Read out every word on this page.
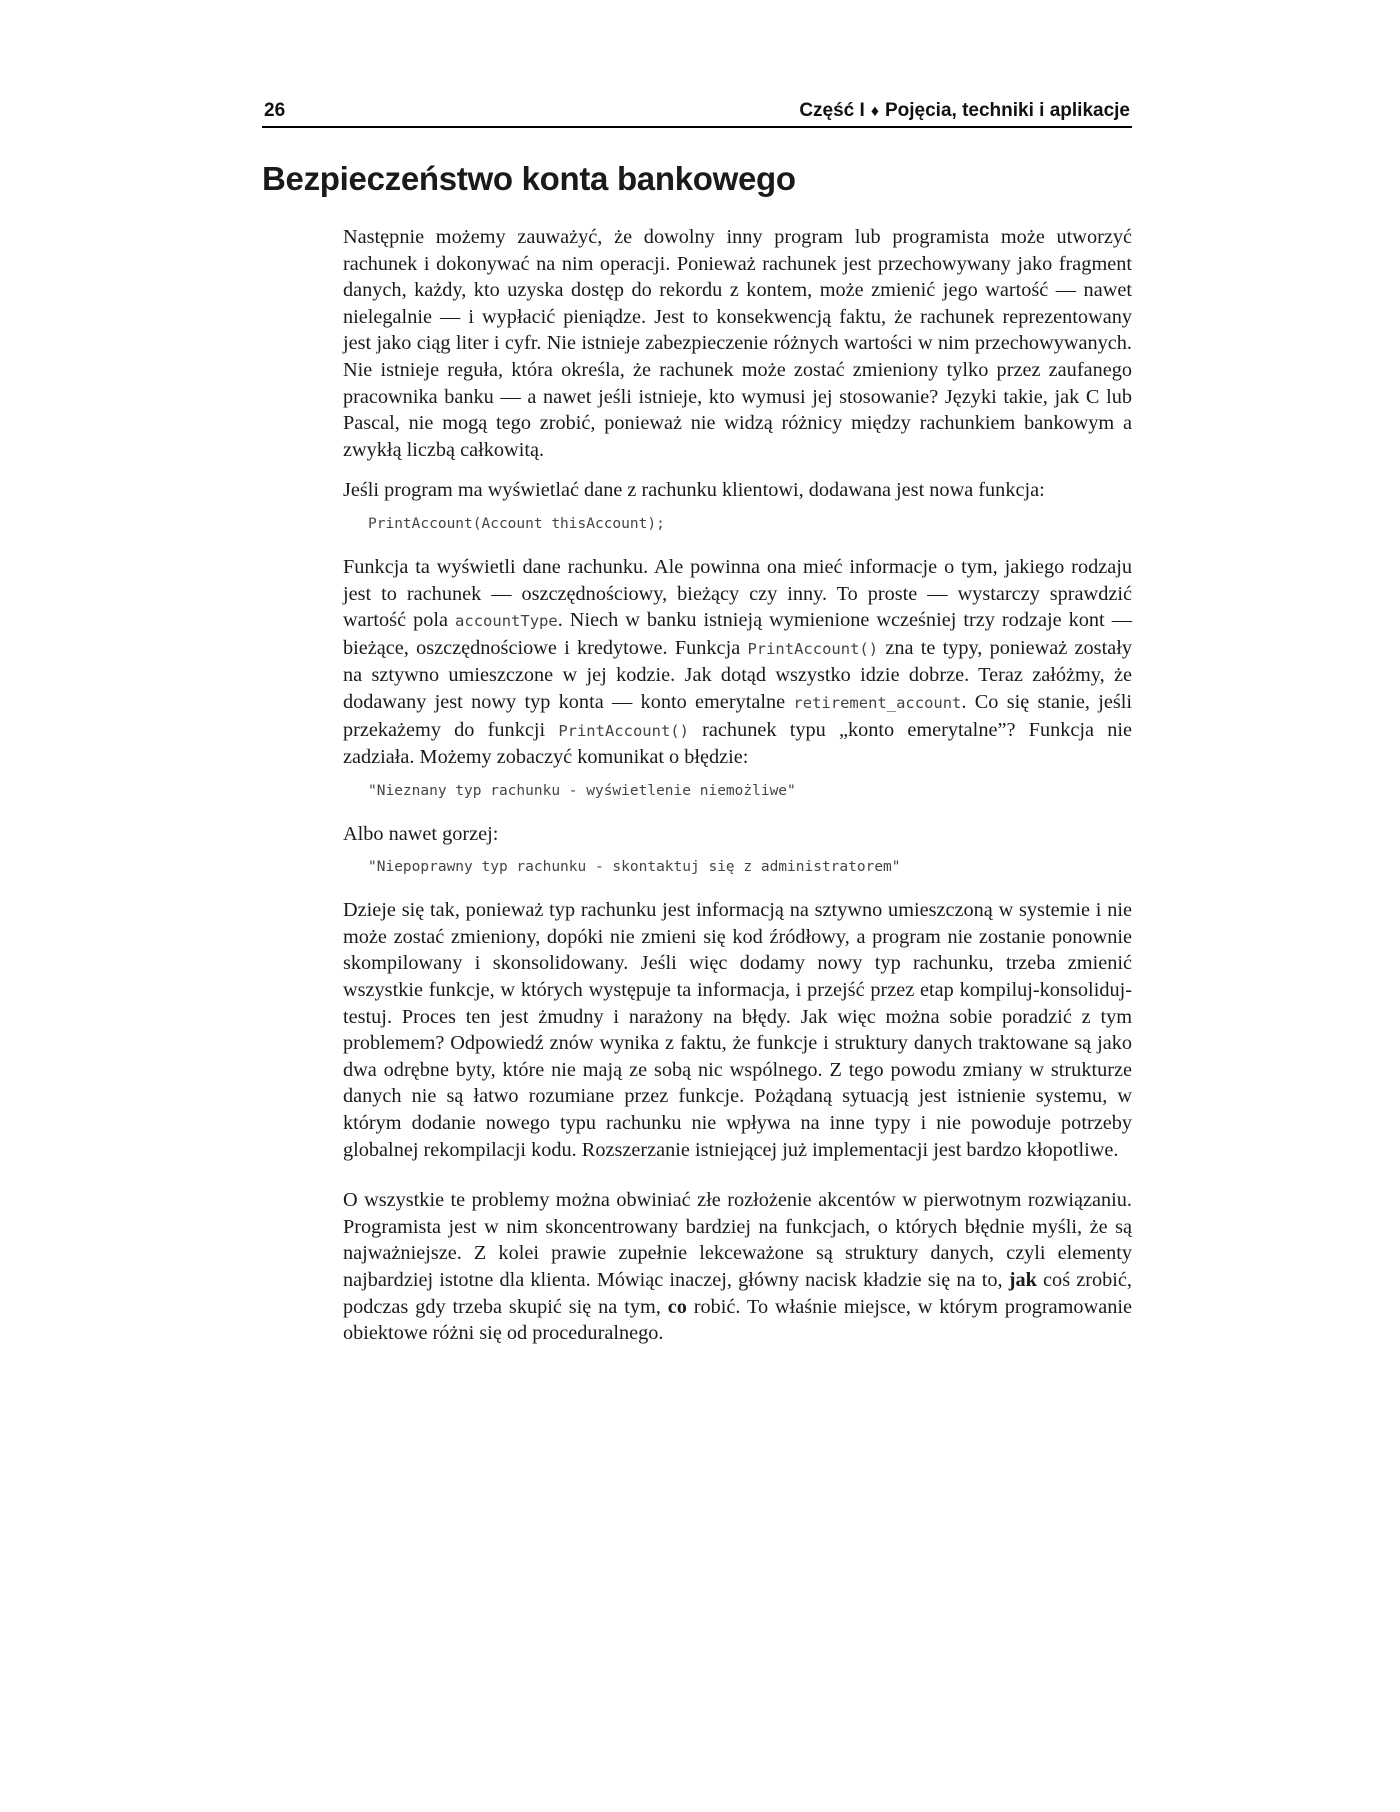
26	Część I ♦ Pojęcia, techniki i aplikacje
Bezpieczeństwo konta bankowego

Następnie możemy zauważyć, że dowolny inny program lub programista może utworzyć rachunek i dokonywać na nim operacji. Ponieważ rachunek jest przechowywany jako fragment danych, każdy, kto uzyska dostęp do rekordu z kontem, może zmienić jego wartość — nawet nielegalnie — i wypłacić pieniądze. Jest to konsekwencją faktu, że rachunek reprezentowany jest jako ciąg liter i cyfr. Nie istnieje zabezpieczenie różnych wartości w nim przechowywanych. Nie istnieje reguła, która określa, że rachunek może zostać zmieniony tylko przez zaufanego pracownika banku — a nawet jeśli istnieje, kto wymusi jej stosowanie? Języki takie, jak C lub Pascal, nie mogą tego zrobić, ponieważ nie widzą różnicy między rachunkiem bankowym a zwykłą liczbą całkowitą.

Jeśli program ma wyświetlać dane z rachunku klientowi, dodawana jest nowa funkcja:

PrintAccount(Account thisAccount);

Funkcja ta wyświetli dane rachunku. Ale powinna ona mieć informacje o tym, jakiego rodzaju jest to rachunek — oszczędnościowy, bieżący czy inny. To proste — wystarczy sprawdzić wartość pola accountType. Niech w banku istnieją wymienione wcześniej trzy rodzaje kont — bieżące, oszczędnościowe i kredytowe. Funkcja PrintAccount() zna te typy, ponieważ zostały na sztywno umieszczone w jej kodzie. Jak dotąd wszystko idzie dobrze. Teraz załóżmy, że dodawany jest nowy typ konta — konto emerytalne retirement_account. Co się stanie, jeśli przekażemy do funkcji PrintAccount() rachunek typu „konto emerytalne”? Funkcja nie zadziała. Możemy zobaczyć komunikat o błędzie:

"Nieznany typ rachunku - wyświetlenie niemożliwe"

Albo nawet gorzej:

"Niepoprawny typ rachunku - skontaktuj się z administratorem"

Dzieje się tak, ponieważ typ rachunku jest informacją na sztywno umieszczoną w systemie i nie może zostać zmieniony, dopóki nie zmieni się kod źródłowy, a program nie zostanie ponownie skompilowany i skonsolidowany. Jeśli więc dodamy nowy typ rachunku, trzeba zmienić wszystkie funkcje, w których występuje ta informacja, i przejść przez etap kompiluj-konsoliduj-testuj. Proces ten jest żmudny i narażony na błędy. Jak więc można sobie poradzić z tym problemem? Odpowiedź znów wynika z faktu, że funkcje i struktury danych traktowane są jako dwa odrębne byty, które nie mają ze sobą nic wspólnego. Z tego powodu zmiany w strukturze danych nie są łatwo rozumiane przez funkcje. Pożądaną sytuacją jest istnienie systemu, w którym dodanie nowego typu rachunku nie wpływa na inne typy i nie powoduje potrzeby globalnej rekompilacji kodu. Rozszerzanie istniejącej już implementacji jest bardzo kłopotliwe.

O wszystkie te problemy można obwiniać złe rozłożenie akcentów w pierwotnym rozwiązaniu. Programista jest w nim skoncentrowany bardziej na funkcjach, o których błędnie myśli, że są najważniejsze. Z kolei prawie zupełnie lekceważone są struktury danych, czyli elementy najbardziej istotne dla klienta. Mówiąc inaczej, główny nacisk kładzie się na to, jak coś zrobić, podczas gdy trzeba skupić się na tym, co robić. To właśnie miejsce, w którym programowanie obiektowe różni się od proceduralnego.
